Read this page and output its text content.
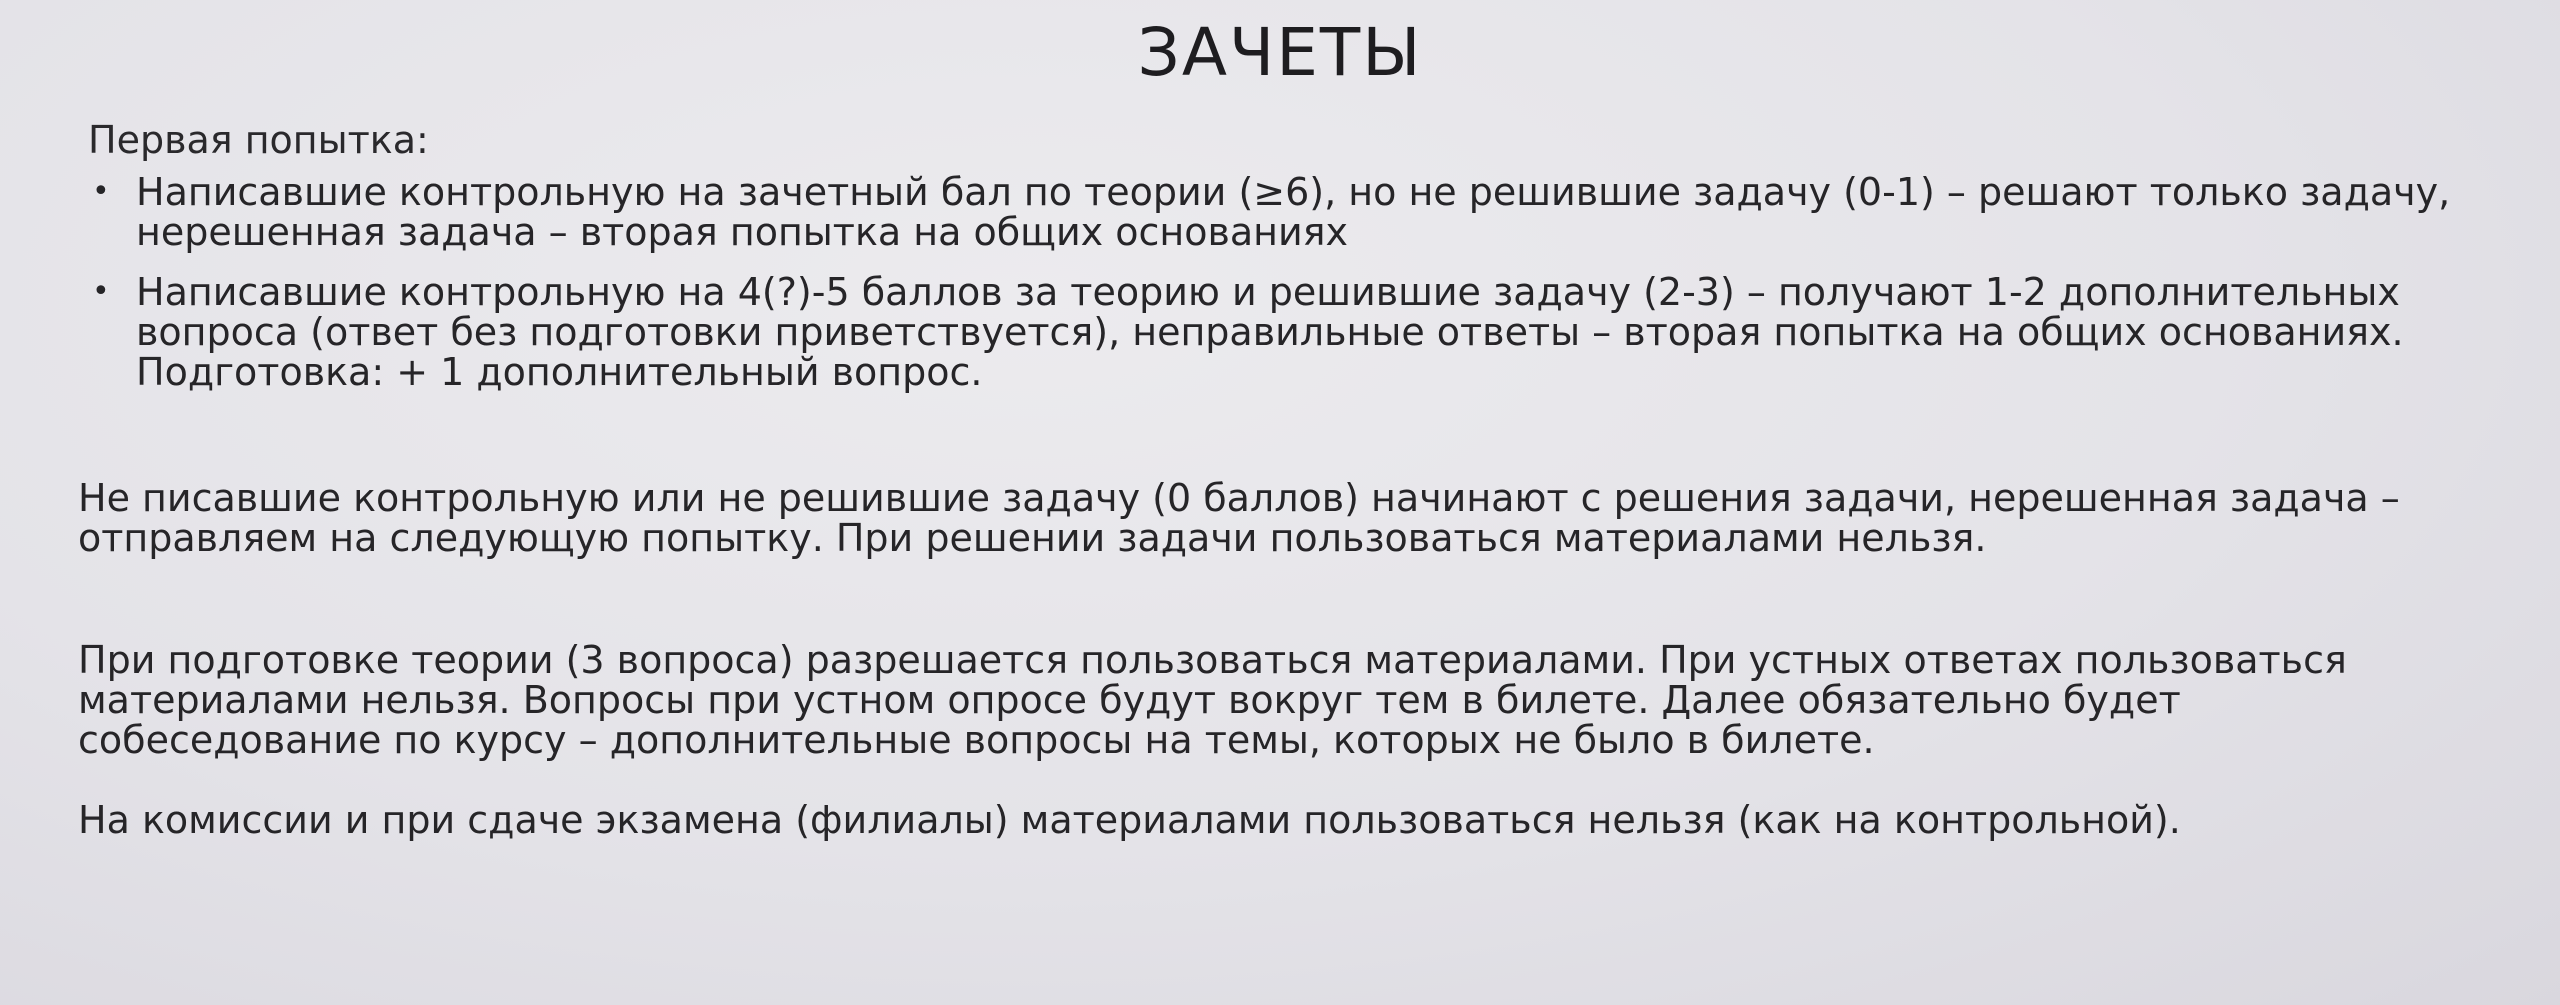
ЗАЧЕТЫ
Первая попытка:
• Написавшие контрольную на зачетный бал по теории (≥6), но не решившие задачу (0-1) – решают только задачу, нерешенная задача – вторая попытка на общих основаниях
• Написавшие контрольную на 4(?)-5 баллов за теорию и решившие задачу (2-3) – получают 1-2 дополнительных вопроса (ответ без подготовки приветствуется), неправильные ответы – вторая попытка на общих основаниях. Подготовка: + 1 дополнительный вопрос.

Не писавшие контрольную или не решившие задачу (0 баллов) начинают с решения задачи, нерешенная задача – отправляем на следующую попытку. При решении задачи пользоваться материалами нельзя.

При подготовке теории (3 вопроса) разрешается пользоваться материалами. При устных ответах пользоваться материалами нельзя. Вопросы при устном опросе будут вокруг тем в билете. Далее обязательно будет собеседование по курсу – дополнительные вопросы на темы, которых не было в билете.

На комиссии и при сдаче экзамена (филиалы) материалами пользоваться нельзя (как на контрольной).
